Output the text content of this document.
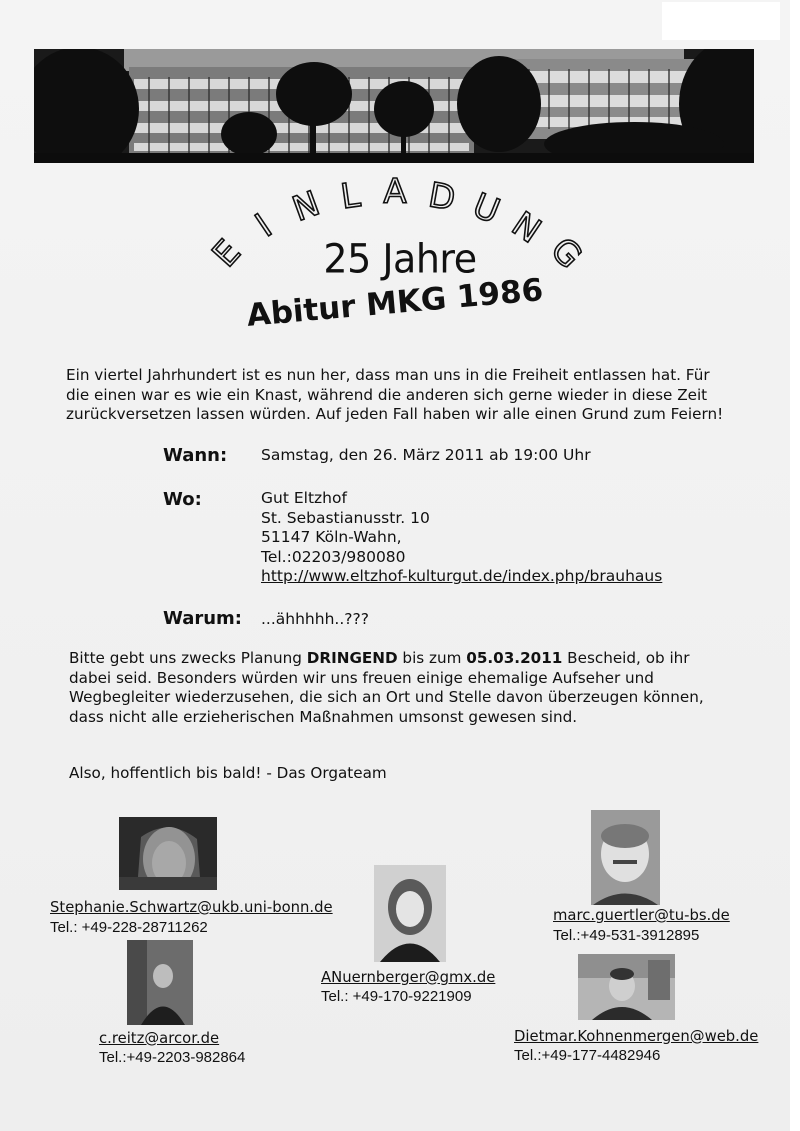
E
I N L A D U N
G
25 Jahre
Abitur MKG 1986
Ein viertel Jahrhundert ist es nun her, dass man uns in die Freiheit entlassen hat. Für die einen war es wie ein Knast, während die anderen sich gerne wieder in diese Zeit zurückversetzen lassen würden. Auf jeden Fall haben wir alle einen Grund zum Feiern!
Wann: Samstag, den 26. März 2011 ab 19:00 Uhr
Wo:	Gut Eltzhof
St. Sebastianusstr. 10
51147 Köln-Wahn,
Tel.:02203/980080
http://www.eltzhof-kulturgut.de/index.php/brauhaus
Warum: ...ähhhhh..???
Bitte gebt uns zwecks Planung DRINGEND bis zum 05.03.2011 Bescheid, ob ihr dabei seid. Besonders würden wir uns freuen einige ehemalige Aufseher und Wegbegleiter wiederzusehen, die sich an Ort und Stelle davon überzeugen können, dass nicht alle erzieherischen Maßnahmen umsonst gewesen sind.
Also, hoffentlich bis bald! - Das Orgateam
Stephanie.Schwartz@ukb.uni-bonn.de
Tel.: +49-228-28711262
c.reitz@arcor.de
Tel.:+49-2203-982864
ANuernberger@gmx.de
Tel.: +49-170-9221909
marc.guertler@tu-bs.de
Tel.:+49-531-3912895
Dietmar.Kohnenmergen@web.de
Tel.:+49-177-4482946
